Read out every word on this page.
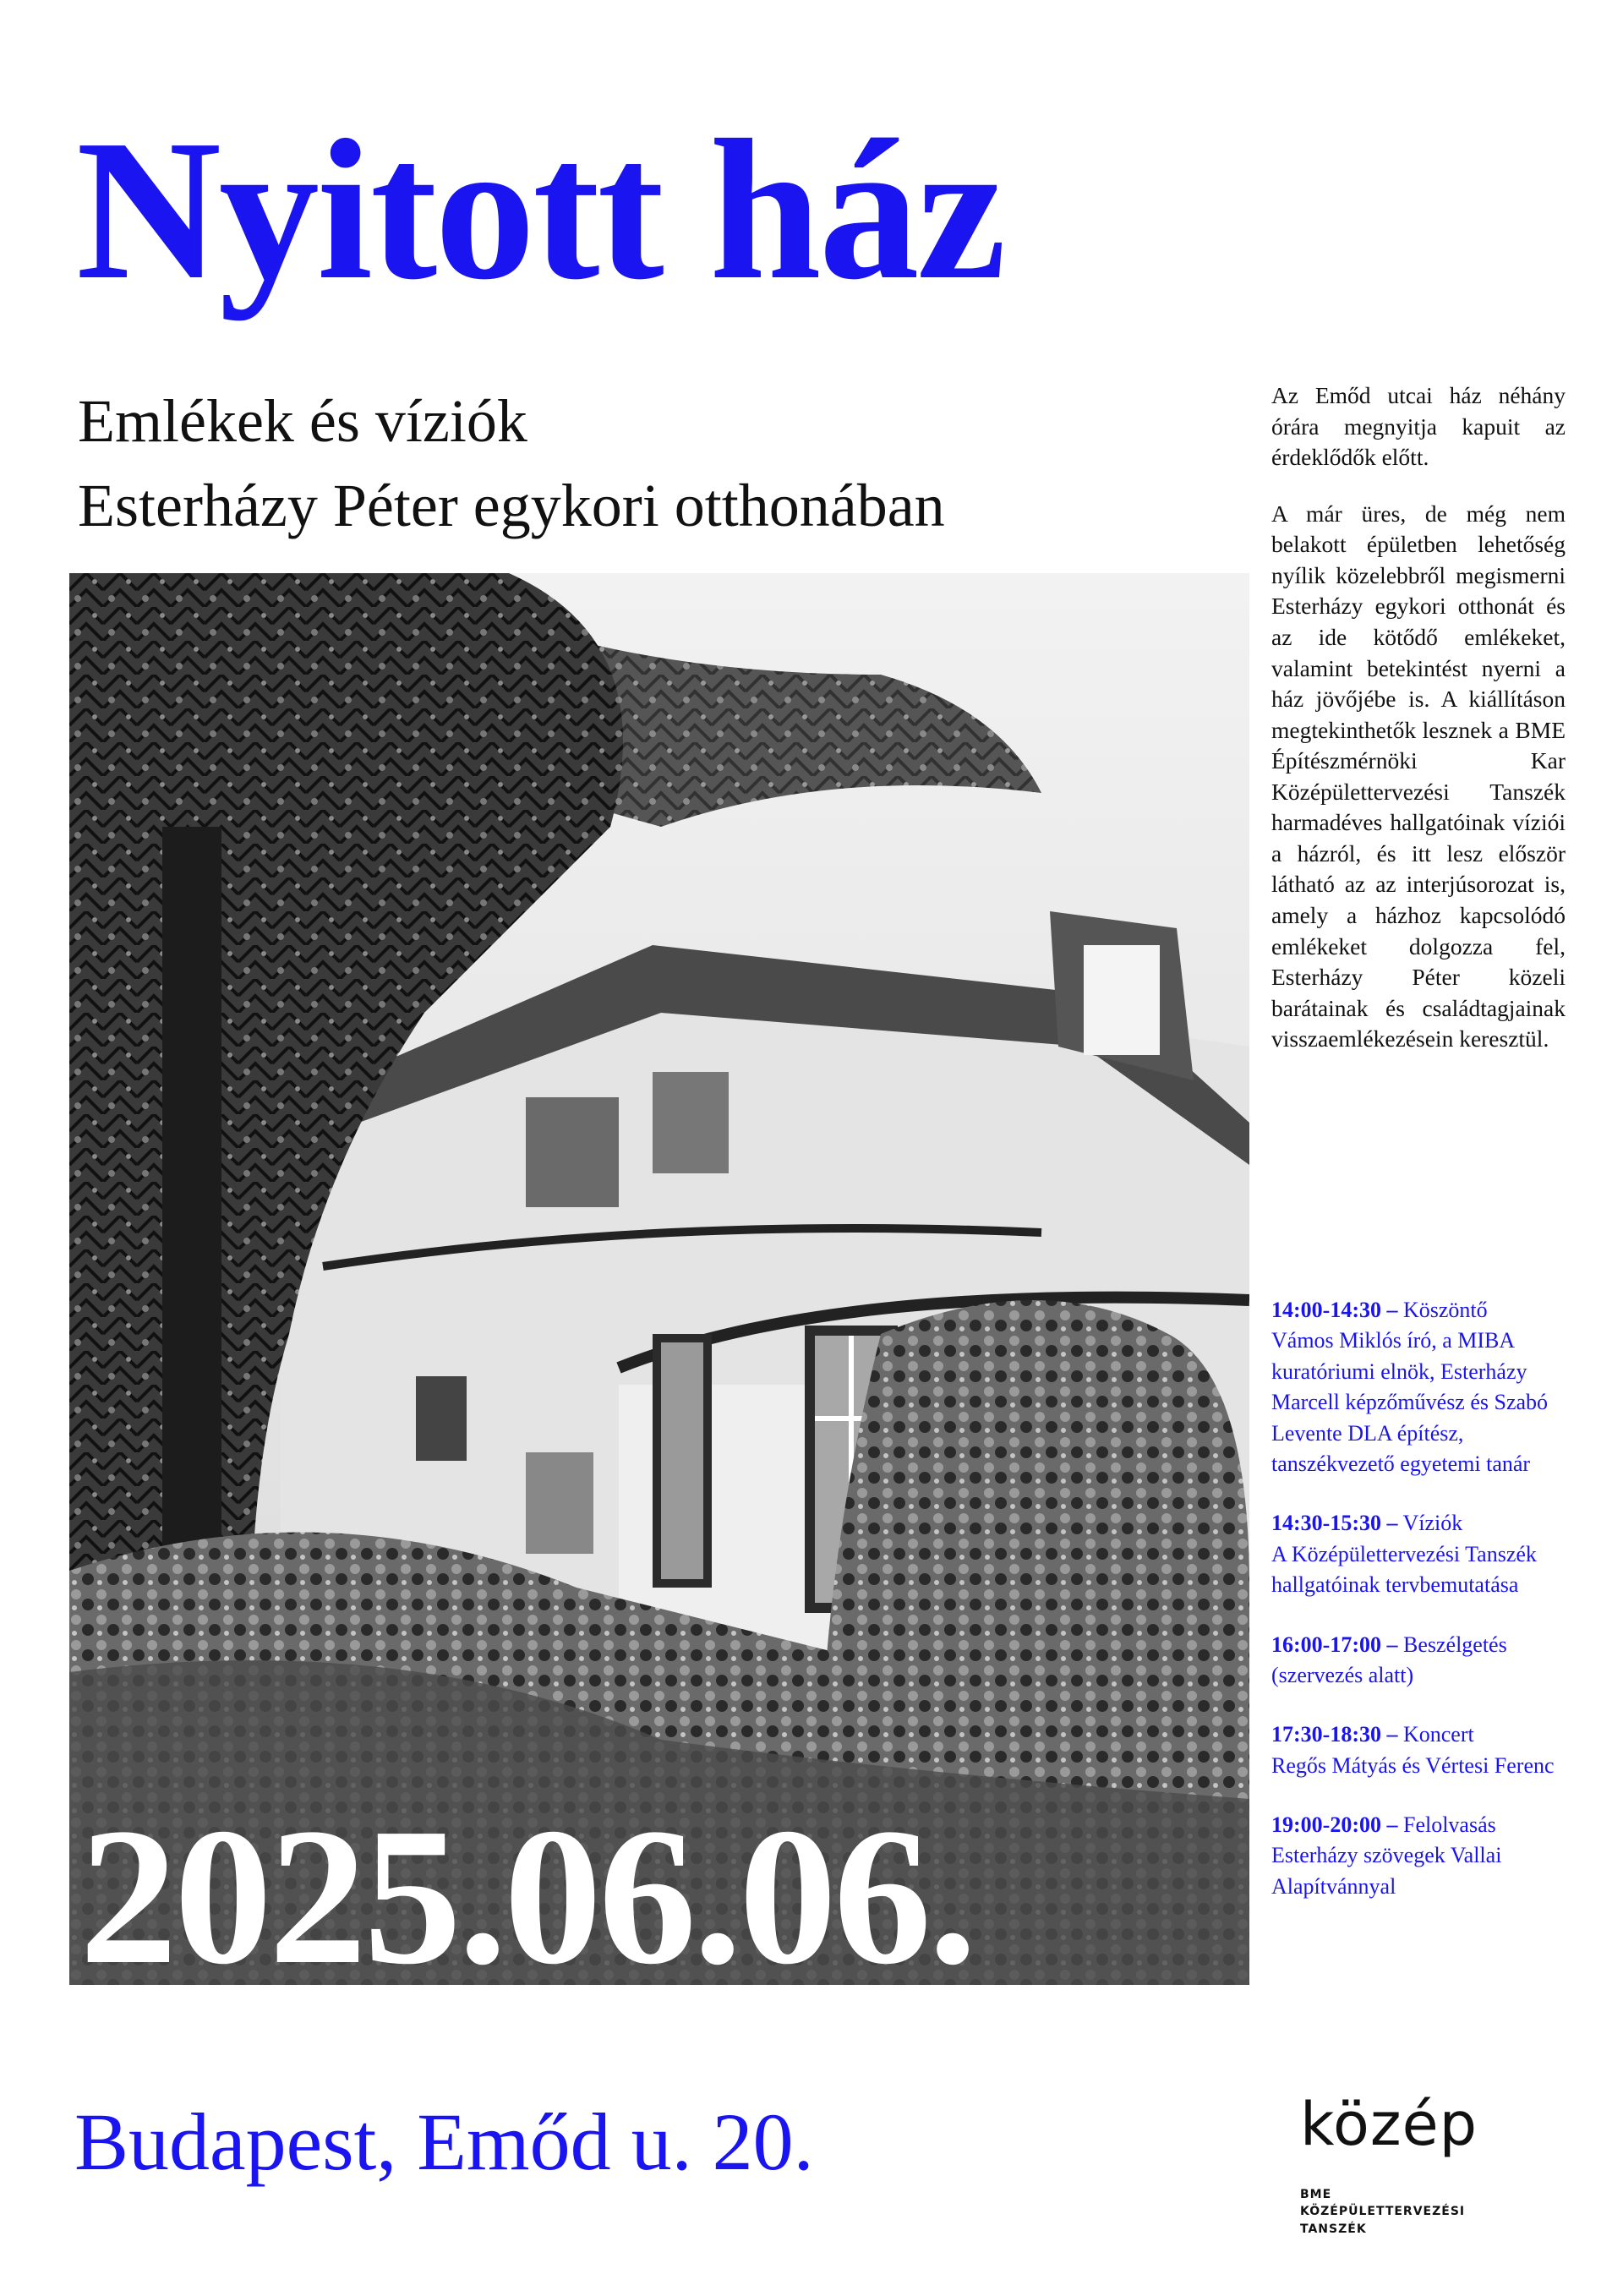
Nyitott ház
Emlékek és víziók
Esterházy Péter egykori otthonában
2025.06.06.

Az Emőd utcai ház néhány órára megnyitja kapuit az érdeklődők előtt.

A már üres, de még nem belakott épületben lehetőség nyílik közelebbről megismerni Esterházy egykori otthonát és az ide kötődő emlékeket, valamint betekintést nyerni a ház jövőjébe is. A kiállításon megtekinthetők lesznek a BME Építészmérnöki Kar Középülettervezési Tanszék harmadéves hallgatóinak víziói a házról, és itt lesz először látható az az interjúsorozat is, amely a házhoz kapcsolódó emlékeket dolgozza fel, Esterházy Péter közeli barátainak és családtagjainak visszaemlékezésein keresztül.

14:00-14:30 – Köszöntő
Vámos Miklós író, a MIBA kuratóriumi elnök, Esterházy Marcell képzőművész és Szabó Levente DLA építész, tanszékvezető egyetemi tanár
14:30-15:30 – Víziók
A Középülettervezési Tanszék hallgatóinak tervbemutatása
16:00-17:00 – Beszélgetés
(szervezés alatt)
17:30-18:30 – Koncert
Regős Mátyás és Vértesi Ferenc
19:00-20:00 – Felolvasás
Esterházy szövegek Vallai Alapítvánnyal
Budapest, Emőd u. 20.	közép
BME
KÖZÉPÜLETTERVEZÉSI
TANSZÉK
